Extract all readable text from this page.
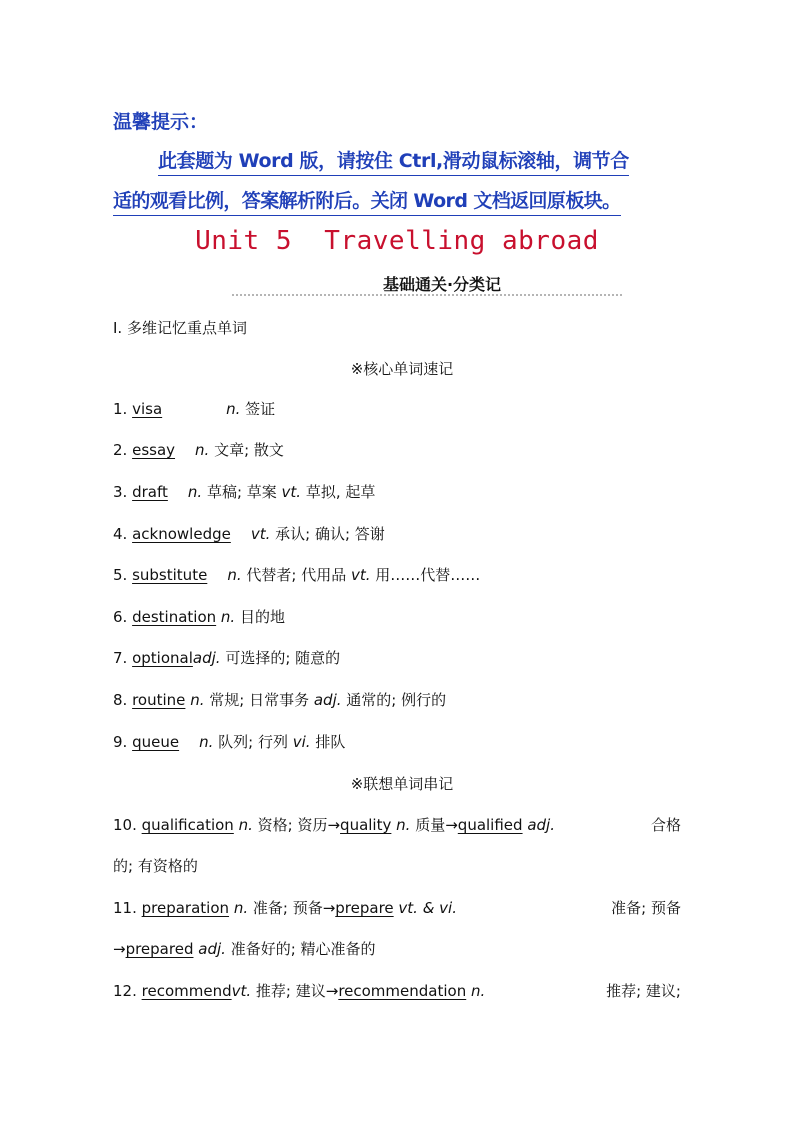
温馨提示：
此套题为 Word 版，请按住 Ctrl,滑动鼠标滚轴，调节合
适的观看比例，答案解析附后。关闭 Word 文档返回原板块。
Unit 5  Travelling abroad
基础通关·分类记
Ⅰ. 多维记忆重点单词
※核心单词速记
1. visa	n. 签证
2. essay n. 文章; 散文
3. draft n. 草稿; 草案 vt. 草拟, 起草
4. acknowledge vt. 承认; 确认; 答谢
5. substitute n. 代替者; 代用品 vt. 用……代替……
6. destination n. 目的地
7. optionaladj. 可选择的; 随意的
8. routine n. 常规; 日常事务 adj. 通常的; 例行的
9. queue n. 队列; 行列 vi. 排队
※联想单词串记
10. qualification n. 资格; 资历→quality n. 质量→qualified adj.	合格
的; 有资格的
11. preparation n. 准备; 预备→prepare vt. & vi.	准备; 预备
→prepared adj. 准备好的; 精心准备的
12. recommendvt. 推荐; 建议→recommendation n.	推荐; 建议;
